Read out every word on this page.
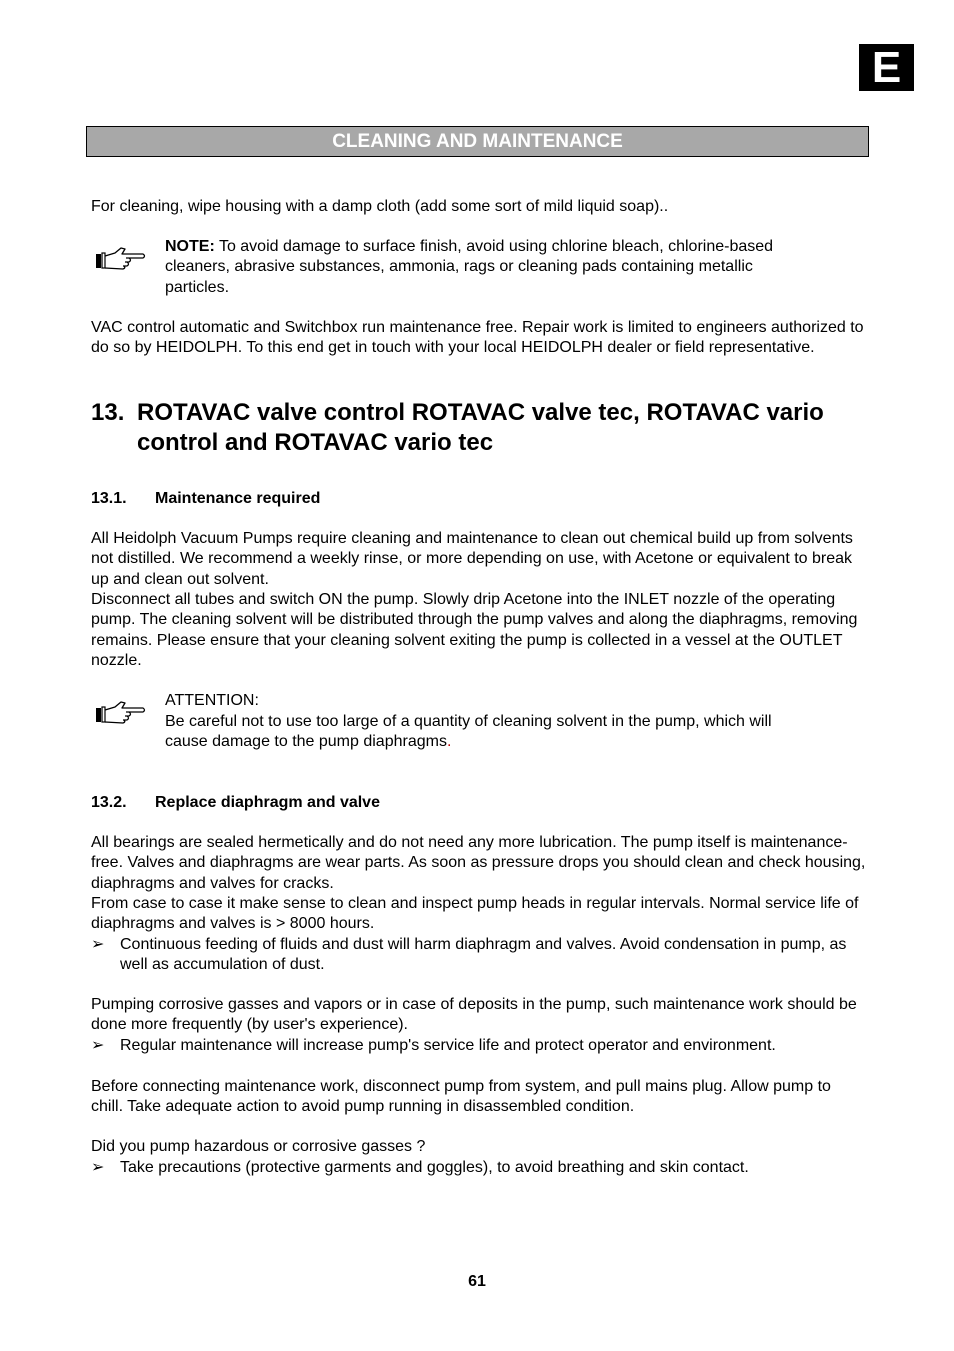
E
CLEANING AND MAINTENANCE

For cleaning, wipe housing with a damp cloth (add some sort of mild liquid soap)..

NOTE: To avoid damage to surface finish, avoid using chlorine bleach, chlorine-based cleaners, abrasive substances, ammonia, rags or cleaning pads containing metallic particles.

VAC control automatic and Switchbox run maintenance free. Repair work is limited to engineers authorized to do so by HEIDOLPH. To this end get in touch with your local HEIDOLPH dealer or field representative.

13. ROTAVAC valve control ROTAVAC valve tec, ROTAVAC vario control and ROTAVAC vario tec
13.1. Maintenance required

All Heidolph Vacuum Pumps require cleaning and maintenance to clean out chemical build up from solvents not distilled. We recommend a weekly rinse, or more depending on use, with Acetone or equivalent to break up and clean out solvent.

Disconnect all tubes and switch ON the pump. Slowly drip Acetone into the INLET nozzle of the operating pump. The cleaning solvent will be distributed through the pump valves and along the diaphragms, removing remains. Please ensure that your cleaning solvent exiting the pump is collected in a vessel at the OUTLET nozzle.

ATTENTION:

Be careful not to use too large of a quantity of cleaning solvent in the pump, which will cause damage to the pump diaphragms.

13.2. Replace diaphragm and valve

All bearings are sealed hermetically and do not need any more lubrication. The pump itself is maintenance-free. Valves and diaphragms are wear parts. As soon as pressure drops you should clean and check housing, diaphragms and valves for cracks.

From case to case it make sense to clean and inspect pump heads in regular intervals. Normal service life of diaphragms and valves is > 8000 hours.

➢ Continuous feeding of fluids and dust will harm diaphragm and valves. Avoid condensation in pump, as well as accumulation of dust.

Pumping corrosive gasses and vapors or in case of deposits in the pump, such maintenance work should be done more frequently (by user's experience).

➢ Regular maintenance will increase pump's service life and protect operator and environment.

Before connecting maintenance work, disconnect pump from system, and pull mains plug. Allow pump to chill. Take adequate action to avoid pump running in disassembled condition.

Did you pump hazardous or corrosive gasses ?

➢ Take precautions (protective garments and goggles), to avoid breathing and skin contact.
61
